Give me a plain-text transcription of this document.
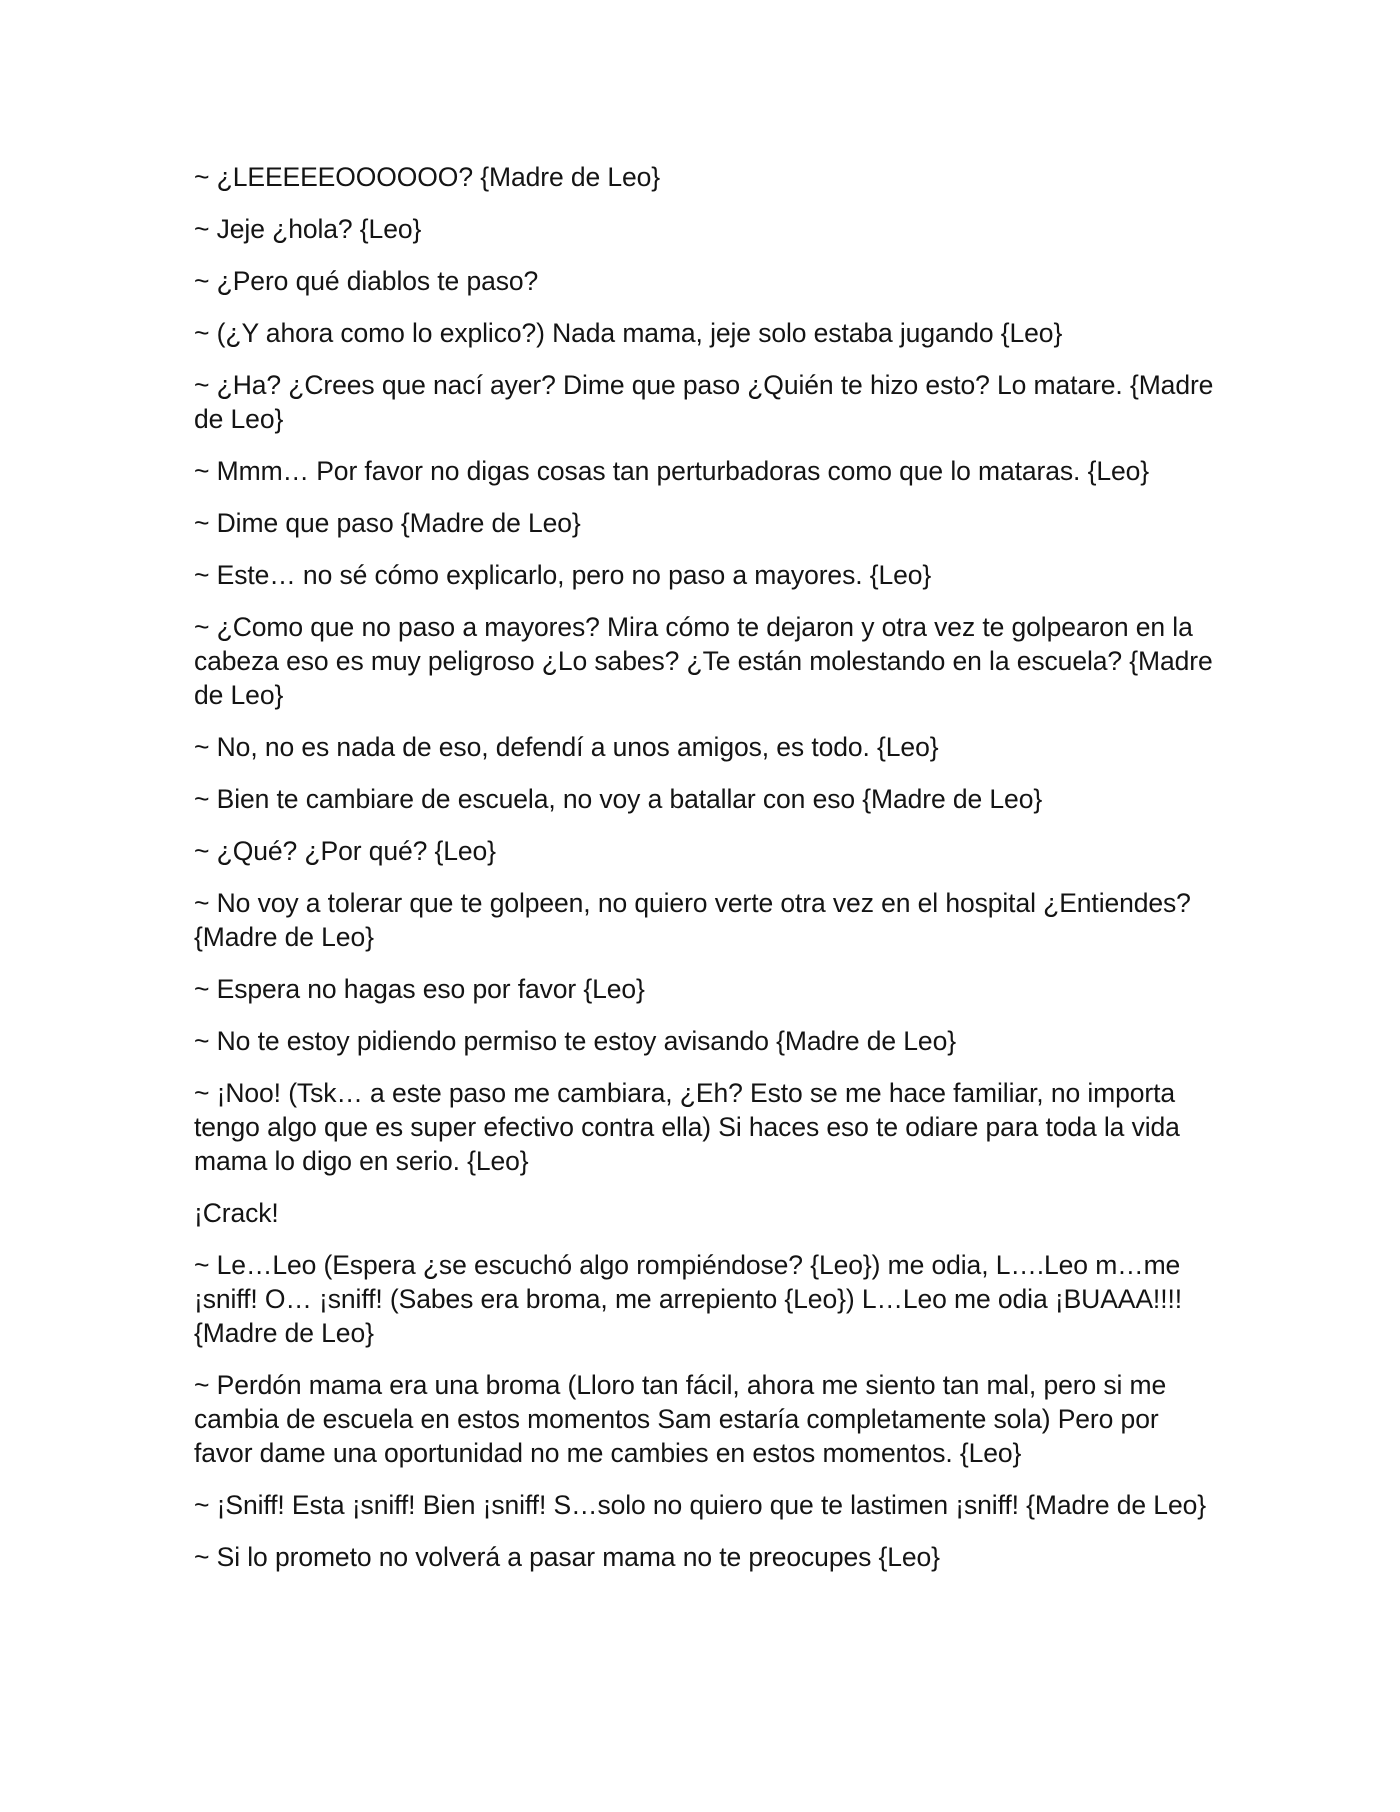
~ ¿LEEEEEOOOOOO? {Madre de Leo}

~ Jeje ¿hola? {Leo}

~ ¿Pero qué diablos te paso?

~ (¿Y ahora como lo explico?) Nada mama, jeje solo estaba jugando {Leo}

~ ¿Ha? ¿Crees que nací ayer? Dime que paso ¿Quién te hizo esto? Lo matare. {Madre de Leo}

~ Mmm… Por favor no digas cosas tan perturbadoras como que lo mataras. {Leo}

~ Dime que paso {Madre de Leo}

~ Este… no sé cómo explicarlo, pero no paso a mayores. {Leo}

~ ¿Como que no paso a mayores? Mira cómo te dejaron y otra vez te golpearon en la cabeza eso es muy peligroso ¿Lo sabes? ¿Te están molestando en la escuela? {Madre de Leo}

~ No, no es nada de eso, defendí a unos amigos, es todo. {Leo}

~ Bien te cambiare de escuela, no voy a batallar con eso {Madre de Leo}

~ ¿Qué? ¿Por qué? {Leo}

~ No voy a tolerar que te golpeen, no quiero verte otra vez en el hospital ¿Entiendes? {Madre de Leo}

~ Espera no hagas eso por favor {Leo}

~ No te estoy pidiendo permiso te estoy avisando {Madre de Leo}

~ ¡Noo! (Tsk… a este paso me cambiara, ¿Eh? Esto se me hace familiar, no importa tengo algo que es super efectivo contra ella) Si haces eso te odiare para toda la vida mama lo digo en serio. {Leo}

¡Crack!

~ Le…Leo (Espera ¿se escuchó algo rompiéndose? {Leo}) me odia, L….Leo m…me ¡sniff! O… ¡sniff! (Sabes era broma, me arrepiento {Leo}) L…Leo me odia ¡BUAAA!!!! {Madre de Leo}

~ Perdón mama era una broma (Lloro tan fácil, ahora me siento tan mal, pero si me cambia de escuela en estos momentos Sam estaría completamente sola) Pero por favor dame una oportunidad no me cambies en estos momentos. {Leo}

~ ¡Sniff! Esta ¡sniff! Bien ¡sniff! S…solo no quiero que te lastimen ¡sniff! {Madre de Leo}

~ Si lo prometo no volverá a pasar mama no te preocupes {Leo}
